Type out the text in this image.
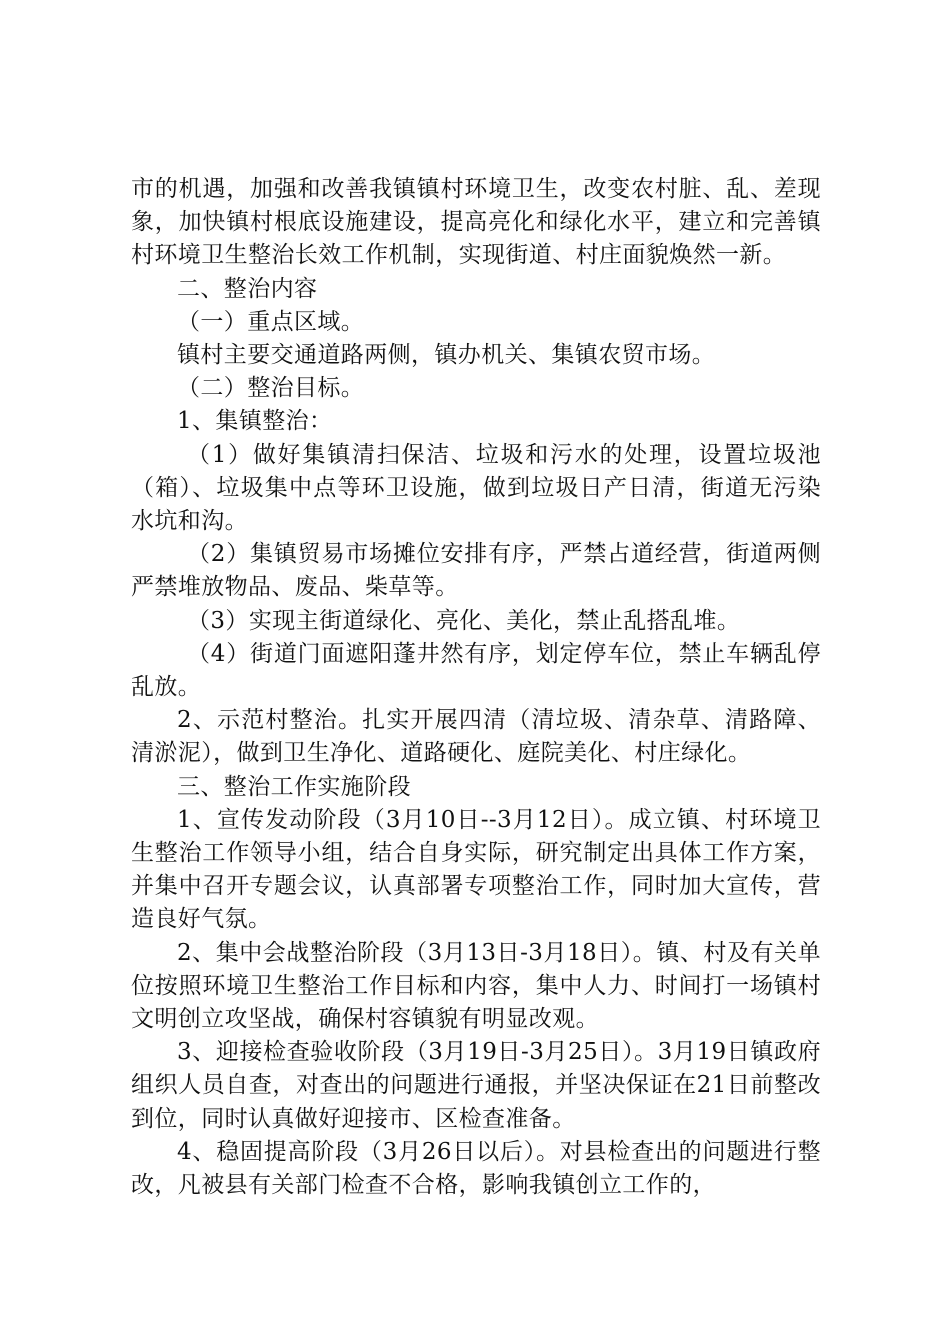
市的机遇，加强和改善我镇镇村环境卫生，改变农村脏、乱、差现象，加快镇村根底设施建设，提高亮化和绿化水平，建立和完善镇村环境卫生整治长效工作机制，实现街道、村庄面貌焕然一新。

二、整治内容

（一）重点区域。

镇村主要交通道路两侧，镇办机关、集镇农贸市场。

（二）整治目标。

1、集镇整治：

（1）做好集镇清扫保洁、垃圾和污水的处理，设置垃圾池（箱）、垃圾集中点等环卫设施，做到垃圾日产日清，街道无污染水坑和沟。

（2）集镇贸易市场摊位安排有序，严禁占道经营，街道两侧严禁堆放物品、废品、柴草等。

（3）实现主街道绿化、亮化、美化，禁止乱搭乱堆。

（4）街道门面遮阳蓬井然有序，划定停车位，禁止车辆乱停乱放。

2、示范村整治。扎实开展四清（清垃圾、清杂草、清路障、清淤泥），做到卫生净化、道路硬化、庭院美化、村庄绿化。

三、整治工作实施阶段

1、宣传发动阶段（3月10日--3月12日）。成立镇、村环境卫生整治工作领导小组，结合自身实际，研究制定出具体工作方案，并集中召开专题会议，认真部署专项整治工作，同时加大宣传，营造良好气氛。

2、集中会战整治阶段（3月13日-3月18日）。镇、村及有关单位按照环境卫生整治工作目标和内容，集中人力、时间打一场镇村文明创立攻坚战，确保村容镇貌有明显改观。

3、迎接检查验收阶段（3月19日-3月25日）。3月19日镇政府组织人员自查，对查出的问题进行通报，并坚决保证在21日前整改到位，同时认真做好迎接市、区检查准备。

4、稳固提高阶段（3月26日以后）。对县检查出的问题进行整改，凡被县有关部门检查不合格，影响我镇创立工作的，
